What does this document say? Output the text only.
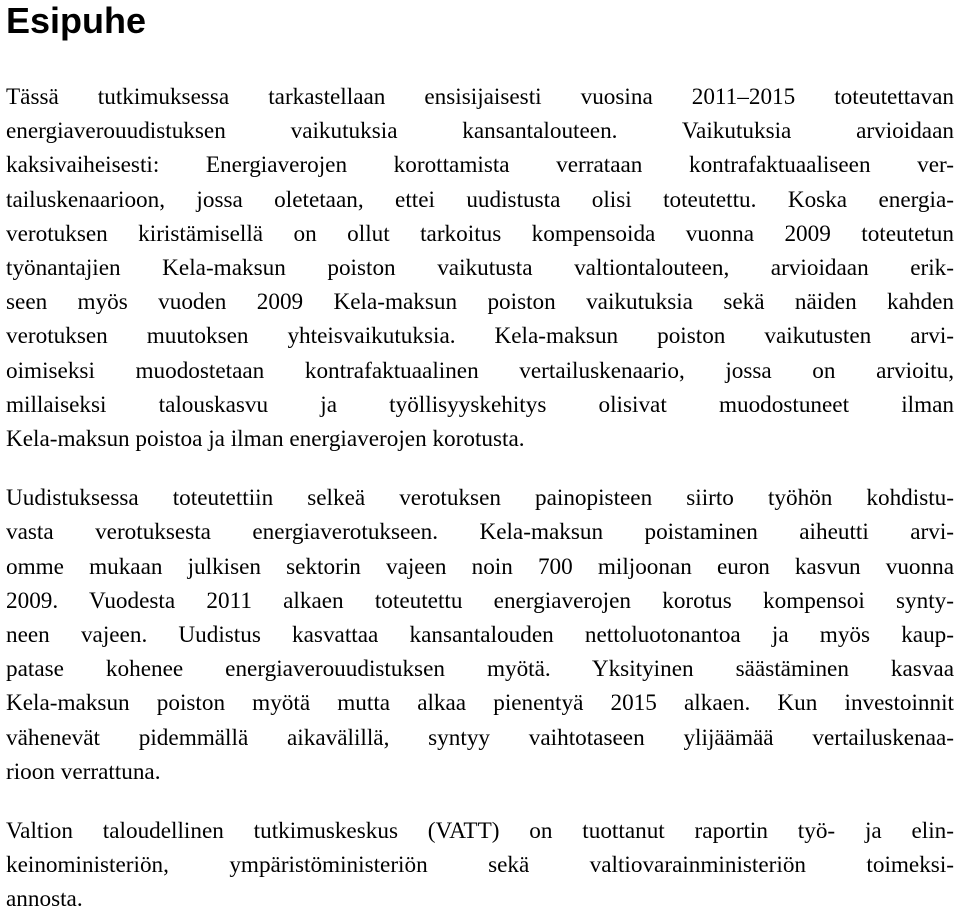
Esipuhe

Tässä tutkimuksessa tarkastellaan ensisijaisesti vuosina 2011–2015 toteutettavan
energiaverouudistuksen vaikutuksia kansantalouteen. Vaikutuksia arvioidaan
kaksivaiheisesti: Energiaverojen korottamista verrataan kontrafaktuaaliseen ver-
tailuskenaarioon, jossa oletetaan, ettei uudistusta olisi toteutettu. Koska energia-
verotuksen kiristämisellä on ollut tarkoitus kompensoida vuonna 2009 toteutetun
työnantajien Kela-maksun poiston vaikutusta valtiontalouteen, arvioidaan erik-
seen myös vuoden 2009 Kela-maksun poiston vaikutuksia sekä näiden kahden
verotuksen muutoksen yhteisvaikutuksia. Kela-maksun poiston vaikutusten arvi-
oimiseksi muodostetaan kontrafaktuaalinen vertailuskenaario, jossa on arvioitu,
millaiseksi talouskasvu ja työllisyyskehitys olisivat muodostuneet ilman
Kela-maksun poistoa ja ilman energiaverojen korotusta.

Uudistuksessa toteutettiin selkeä verotuksen painopisteen siirto työhön kohdistu-
vasta verotuksesta energiaverotukseen. Kela-maksun poistaminen aiheutti arvi-
omme mukaan julkisen sektorin vajeen noin 700 miljoonan euron kasvun vuonna
2009. Vuodesta 2011 alkaen toteutettu energiaverojen korotus kompensoi synty-
neen vajeen. Uudistus kasvattaa kansantalouden nettoluotonantoa ja myös kaup-
patase kohenee energiaverouudistuksen myötä. Yksityinen säästäminen kasvaa
Kela-maksun poiston myötä mutta alkaa pienentyä 2015 alkaen. Kun investoinnit
vähenevät pidemmällä aikavälillä, syntyy vaihtotaseen ylijäämää vertailuskenaa-
rioon verrattuna.

Valtion taloudellinen tutkimuskeskus (VATT) on tuottanut raportin työ- ja elin-
keinoministeriön, ympäristöministeriön sekä valtiovarainministeriön toimeksi-
annosta.
